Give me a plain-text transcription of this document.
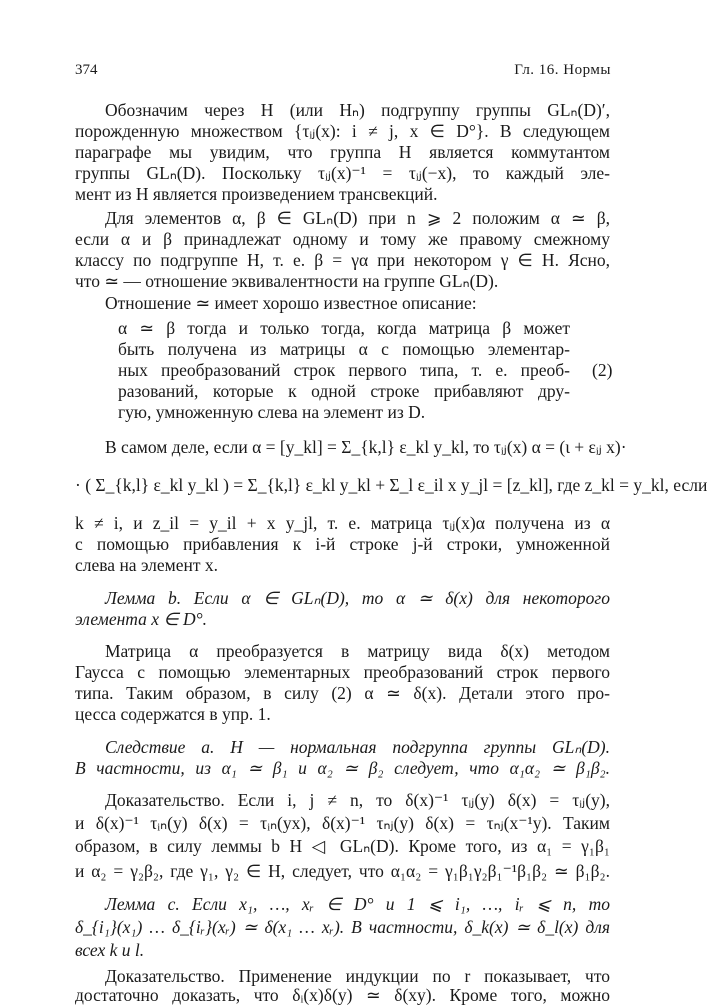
374	Гл. 16. Нормы
Обозначим через H (или Hₙ) подгруппу группы GLₙ(D)′,
порожденную множеством {τᵢⱼ(x): i ≠ j, x ∈ D°}. В следующем
параграфе мы увидим, что группа H является коммутантом
группы GLₙ(D). Поскольку τᵢⱼ(x)⁻¹ = τᵢⱼ(−x), то каждый эле-
мент из H является произведением трансвекций.
Для элементов α, β ∈ GLₙ(D) при n ⩾ 2 положим α ≃ β,
если α и β принадлежат одному и тому же правому смежному
классу по подгруппе H, т. е. β = γα при некотором γ ∈ H. Ясно,
что ≃ — отношение эквивалентности на группе GLₙ(D).
Отношение ≃ имеет хорошо известное описание:
α ≃ β тогда и только тогда, когда матрица β может
быть получена из матрицы α с помощью элементар-
ных преобразований строк первого типа, т. е. преоб-
разований, которые к одной строке прибавляют дру-
гую, умноженную слева на элемент из D.
(2)
В самом деле, если α = [y_kl] = Σ_{k,l} ε_kl y_kl, то τᵢⱼ(x) α = (ι + εᵢⱼ x)·
· ( Σ_{k,l} ε_kl y_kl ) = Σ_{k,l} ε_kl y_kl + Σ_l ε_il x y_jl = [z_kl], где z_kl = y_kl, если
k ≠ i, и z_il = y_il + x y_jl, т. е. матрица τᵢⱼ(x)α получена из α
с помощью прибавления к i-й строке j-й строки, умноженной
слева на элемент x.
Лемма b. Если α ∈ GLₙ(D), то α ≃ δ(x) для некоторого
элемента x ∈ D°.
Матрица α преобразуется в матрицу вида δ(x) методом
Гаусса с помощью элементарных преобразований строк первого
типа. Таким образом, в силу (2) α ≃ δ(x). Детали этого про-
цесса содержатся в упр. 1.
Следствие a. H — нормальная подгруппа группы GLₙ(D).
В частности, из α₁ ≃ β₁ и α₂ ≃ β₂ следует, что α₁α₂ ≃ β₁β₂.
Доказательство. Если i, j ≠ n, то δ(x)⁻¹ τᵢⱼ(y) δ(x) = τᵢⱼ(y),
и δ(x)⁻¹ τᵢₙ(y) δ(x) = τᵢₙ(yx), δ(x)⁻¹ τₙⱼ(y) δ(x) = τₙⱼ(x⁻¹y). Таким
образом, в силу леммы b H ◁ GLₙ(D). Кроме того, из α₁ = γ₁β₁
и α₂ = γ₂β₂, где γ₁, γ₂ ∈ H, следует, что α₁α₂ = γ₁β₁γ₂β₁⁻¹β₁β₂ ≃ β₁β₂.
Лемма c. Если x₁, …, xᵣ ∈ D° и 1 ⩽ i₁, …, iᵣ ⩽ n, то
δ_{i₁}(x₁) … δ_{iᵣ}(xᵣ) ≃ δ(x₁ … xᵣ). В частности, δ_k(x) ≃ δ_l(x) для
всех k и l.
Доказательство. Применение индукции по r показывает, что
достаточно доказать, что δᵢ(x)δ(y) ≃ δ(xy). Кроме того, можно
